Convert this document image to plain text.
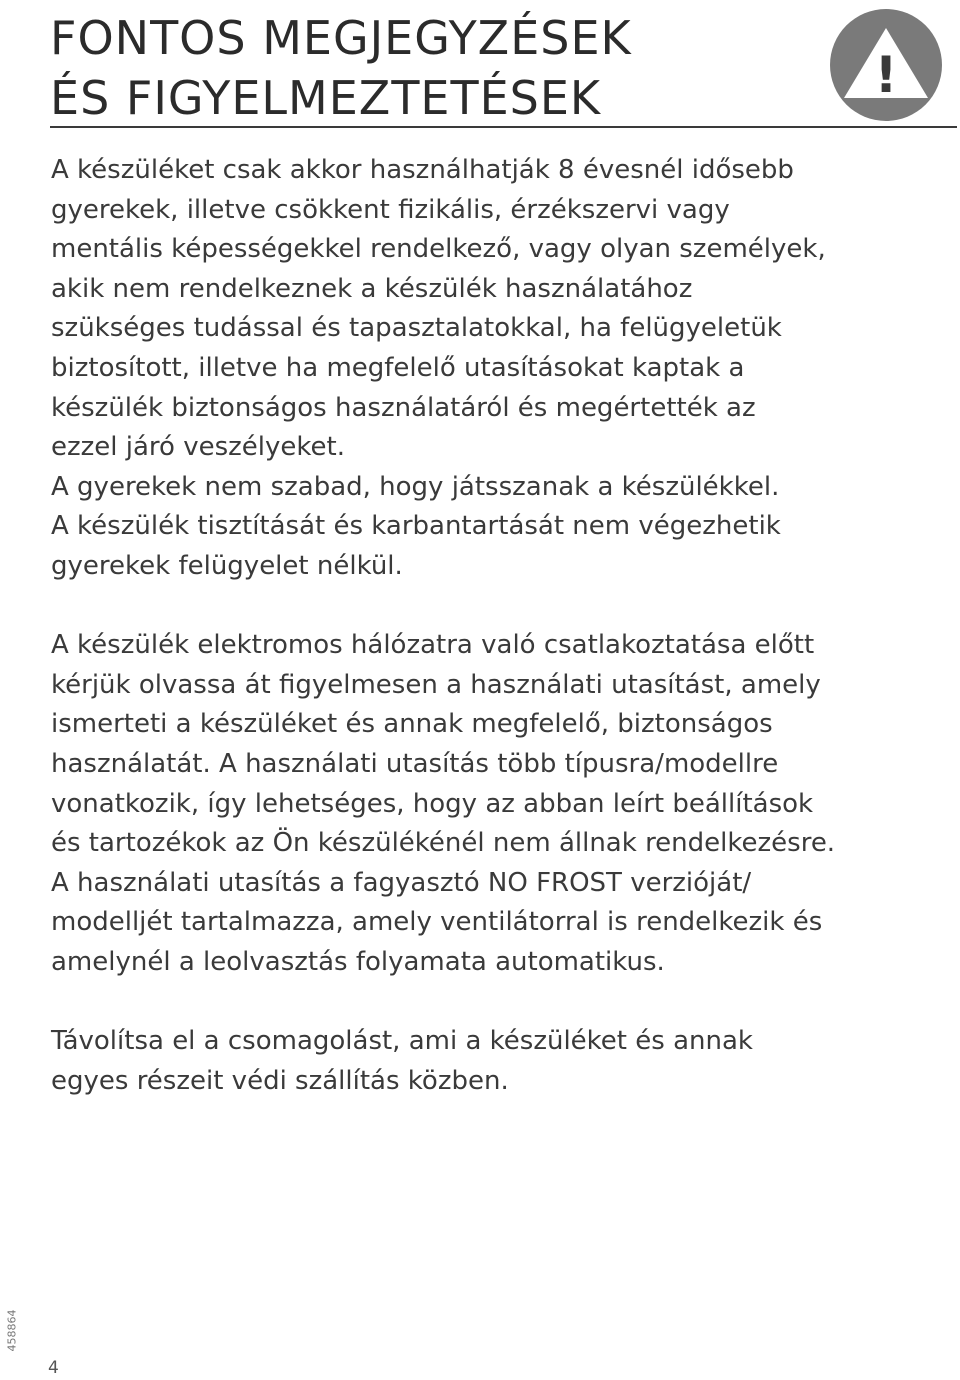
FONTOS MEGJEGYZÉSEK
ÉS FIGYELMEZTETÉSEK	!

A készüléket csak akkor használhatják 8 évesnél idősebb
gyerekek, illetve csökkent fizikális, érzékszervi vagy
mentális képességekkel rendelkező, vagy olyan személyek,
akik nem rendelkeznek a készülék használatához
szükséges tudással és tapasztalatokkal, ha felügyeletük
biztosított, illetve ha megfelelő utasításokat kaptak a
készülék biztonságos használatáról és megértették az
ezzel járó veszélyeket.
A gyerekek nem szabad, hogy játsszanak a készülékkel.
A készülék tisztítását és karbantartását nem végezhetik
gyerekek felügyelet nélkül.

A készülék elektromos hálózatra való csatlakoztatása előtt
kérjük olvassa át figyelmesen a használati utasítást, amely
ismerteti a készüléket és annak megfelelő, biztonságos
használatát. A használati utasítás több típusra/modellre
vonatkozik, így lehetséges, hogy az abban leírt beállítások
és tartozékok az Ön készülékénél nem állnak rendelkezésre.
A használati utasítás a fagyasztó NO FROST verzióját/
modelljét tartalmazza, amely ventilátorral is rendelkezik és
amelynél a leolvasztás folyamata automatikus.

Távolítsa el a csomagolást, ami a készüléket és annak
egyes részeit védi szállítás közben.

458864
4
